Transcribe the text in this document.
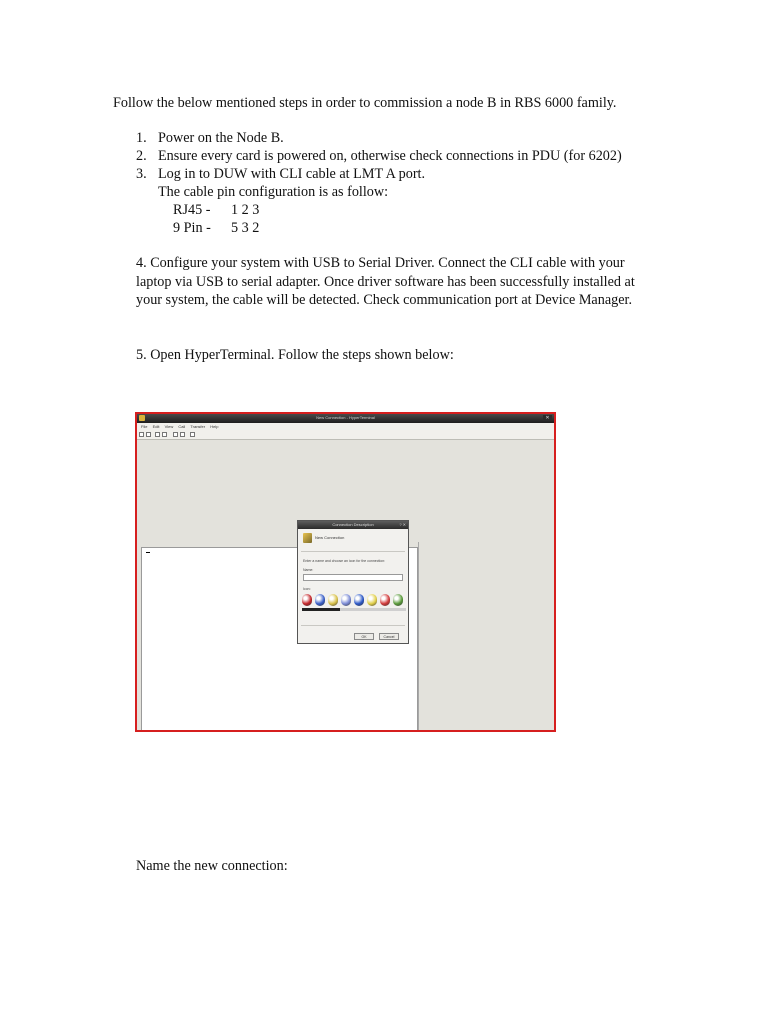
Follow the below mentioned steps in order to commission a node B in RBS 6000 family.
1. Power on the Node B.
2. Ensure every card is powered on, otherwise check connections in PDU (for 6202)
3. Log in to DUW with CLI cable at LMT A port.
The cable pin configuration is as follow:
RJ45 - 1 2 3
9 Pin - 5 3 2
4. Configure your system with USB to Serial Driver. Connect the CLI cable with your laptop via USB to serial adapter. Once driver software has been successfully installed at your system, the cable will be detected. Check communication port at Device Manager.
5. Open HyperTerminal. Follow the steps shown below:
New Connection - HyperTerminal	✕
File Edit View Call Transfer Help
Connection Description	? ✕
New Connection
Enter a name and choose an icon for the connection:
Name:
Icon:
OK	Cancel
Name the new connection:
